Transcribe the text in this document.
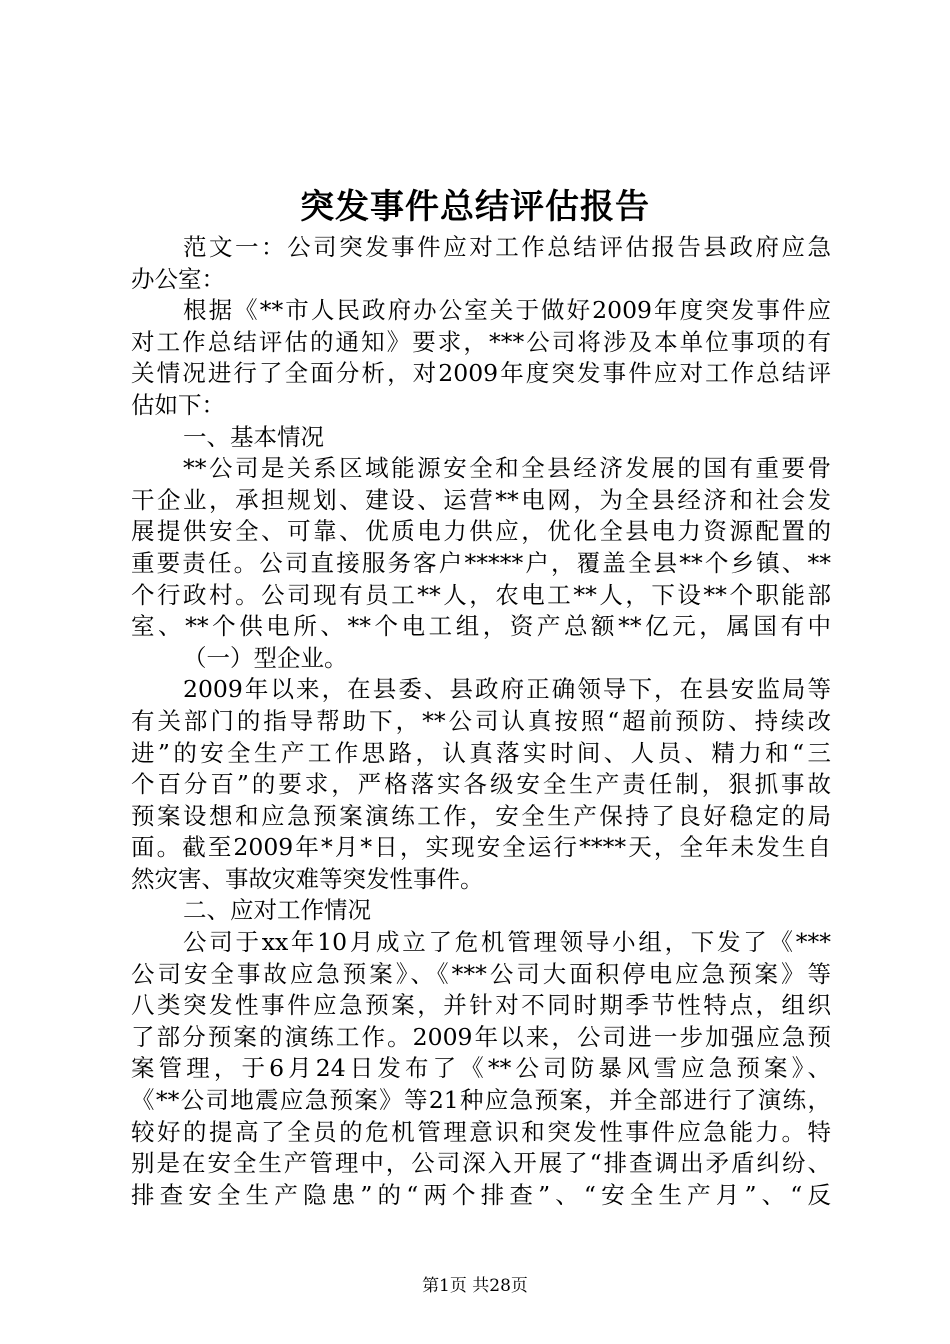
突发事件总结评估报告
范文一：公司突发事件应对工作总结评估报告县政府应急
办公室：
根据《**市人民政府办公室关于做好2009年度突发事件应
对工作总结评估的通知》要求，***公司将涉及本单位事项的有
关情况进行了全面分析，对2009年度突发事件应对工作总结评
估如下：
一、基本情况
**公司是关系区域能源安全和全县经济发展的国有重要骨
干企业，承担规划、建设、运营**电网，为全县经济和社会发
展提供安全、可靠、优质电力供应，优化全县电力资源配置的
重要责任。公司直接服务客户*****户，覆盖全县**个乡镇、**
个行政村。公司现有员工**人，农电工**人，下设**个职能部
室、**个供电所、**个电工组，资产总额**亿元，属国有中
（一）型企业。
2009年以来，在县委、县政府正确领导下，在县安监局等
有关部门的指导帮助下，**公司认真按照“超前预防、持续改
进”的安全生产工作思路，认真落实时间、人员、精力和“三
个百分百”的要求，严格落实各级安全生产责任制，狠抓事故
预案设想和应急预案演练工作，安全生产保持了良好稳定的局
面。截至2009年*月*日，实现安全运行****天，全年未发生自
然灾害、事故灾难等突发性事件。
二、应对工作情况
公司于xx年10月成立了危机管理领导小组，下发了《***
公司安全事故应急预案》、《***公司大面积停电应急预案》等
八类突发性事件应急预案，并针对不同时期季节性特点，组织
了部分预案的演练工作。2009年以来，公司进一步加强应急预
案管理，于6月24日发布了《**公司防暴风雪应急预案》、
《**公司地震应急预案》等21种应急预案，并全部进行了演练，
较好的提高了全员的危机管理意识和突发性事件应急能力。特
别是在安全生产管理中，公司深入开展了“排查调出矛盾纠纷、
排查安全生产隐患”的“两个排查”、“安全生产月”、“反
第1页 共28页
